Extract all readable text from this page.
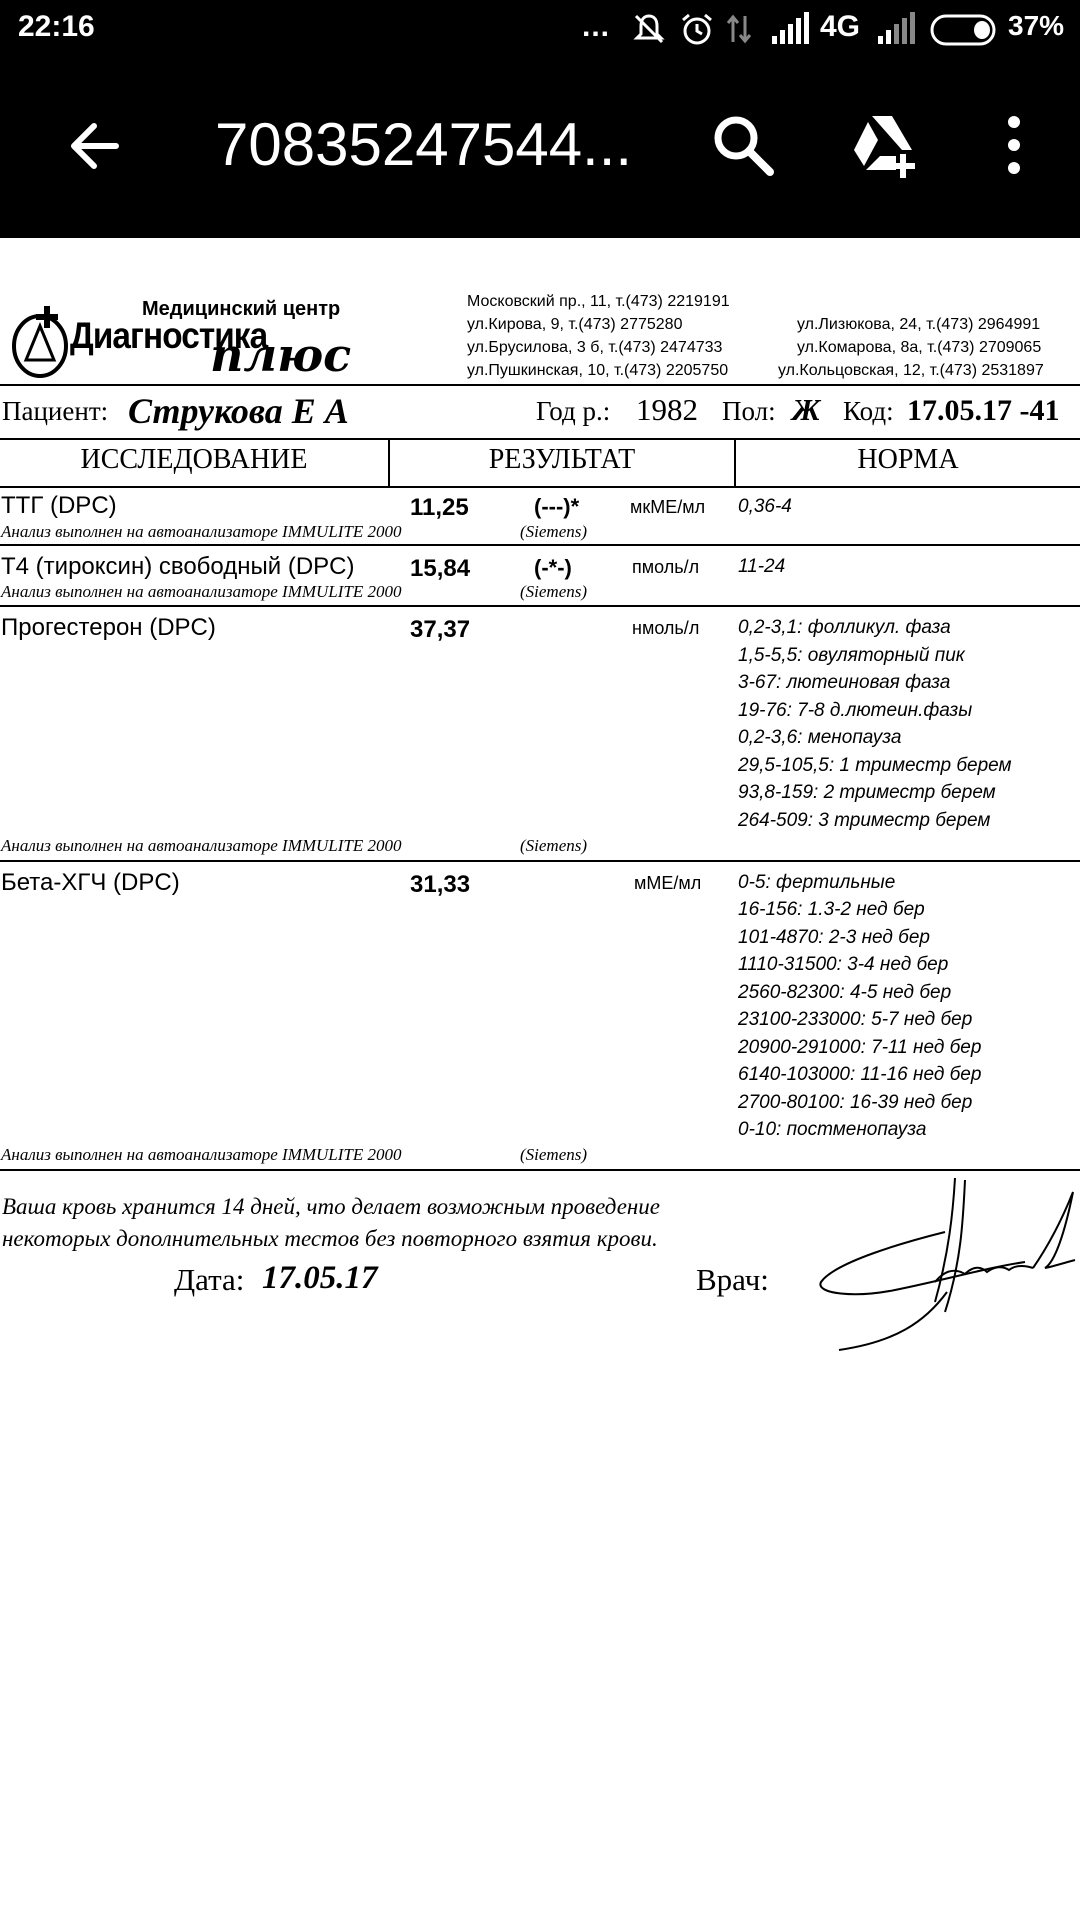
22:16	...	4G	37%
70835247544...
Медицинский центр
Диагностика
плюс
Московский пр., 11, т.(473) 2219191
ул.Кирова, 9, т.(473) 2775280
ул.Брусилова, 3 б, т.(473) 2474733
ул.Пушкинская, 10, т.(473) 2205750
ул.Лизюкова, 24, т.(473) 2964991
ул.Комарова, 8а, т.(473) 2709065
ул.Кольцовская, 12, т.(473) 2531897
Пациент: Струкова Е А	Год р.: 1982 Пол: Ж Код: 17.05.17 -41
ИССЛЕДОВАНИЕ	РЕЗУЛЬТАТ	НОРМА
ТТГ (DPC)	11,25	(---)*	мкМЕ/мл 0,36-4
Анализ выполнен на автоанализаторе IMMULITE 2000	(Siemens)
Т4 (тироксин) свободный (DPC) 15,84	(-*-)	пмоль/л 11-24
Анализ выполнен на автоанализаторе IMMULITE 2000	(Siemens)
Прогестерон (DPC)	37,37	нмоль/л 0,2-3,1: фолликул. фаза
1,5-5,5: овуляторный пик
3-67: лютеиновая фаза
19-76: 7-8 д.лютеин.фазы
0,2-3,6: менопауза
29,5-105,5: 1 триместр берем
93,8-159: 2 триместр берем
264-509: 3 триместр берем
Анализ выполнен на автоанализаторе IMMULITE 2000	(Siemens)
Бета-ХГЧ (DPC)	31,33	мМЕ/мл 0-5: фертильные
16-156: 1.3-2 нед бер
101-4870: 2-3 нед бер
1110-31500: 3-4 нед бер
2560-82300: 4-5 нед бер
23100-233000: 5-7 нед бер
20900-291000: 7-11 нед бер
6140-103000: 11-16 нед бер
2700-80100: 16-39 нед бер
0-10: постменопауза
Анализ выполнен на автоанализаторе IMMULITE 2000	(Siemens)
Ваша кровь хранится 14 дней, что делает возможным проведение
некоторых дополнительных тестов без повторного взятия крови.
Дата: 17.05.17	Врач:
